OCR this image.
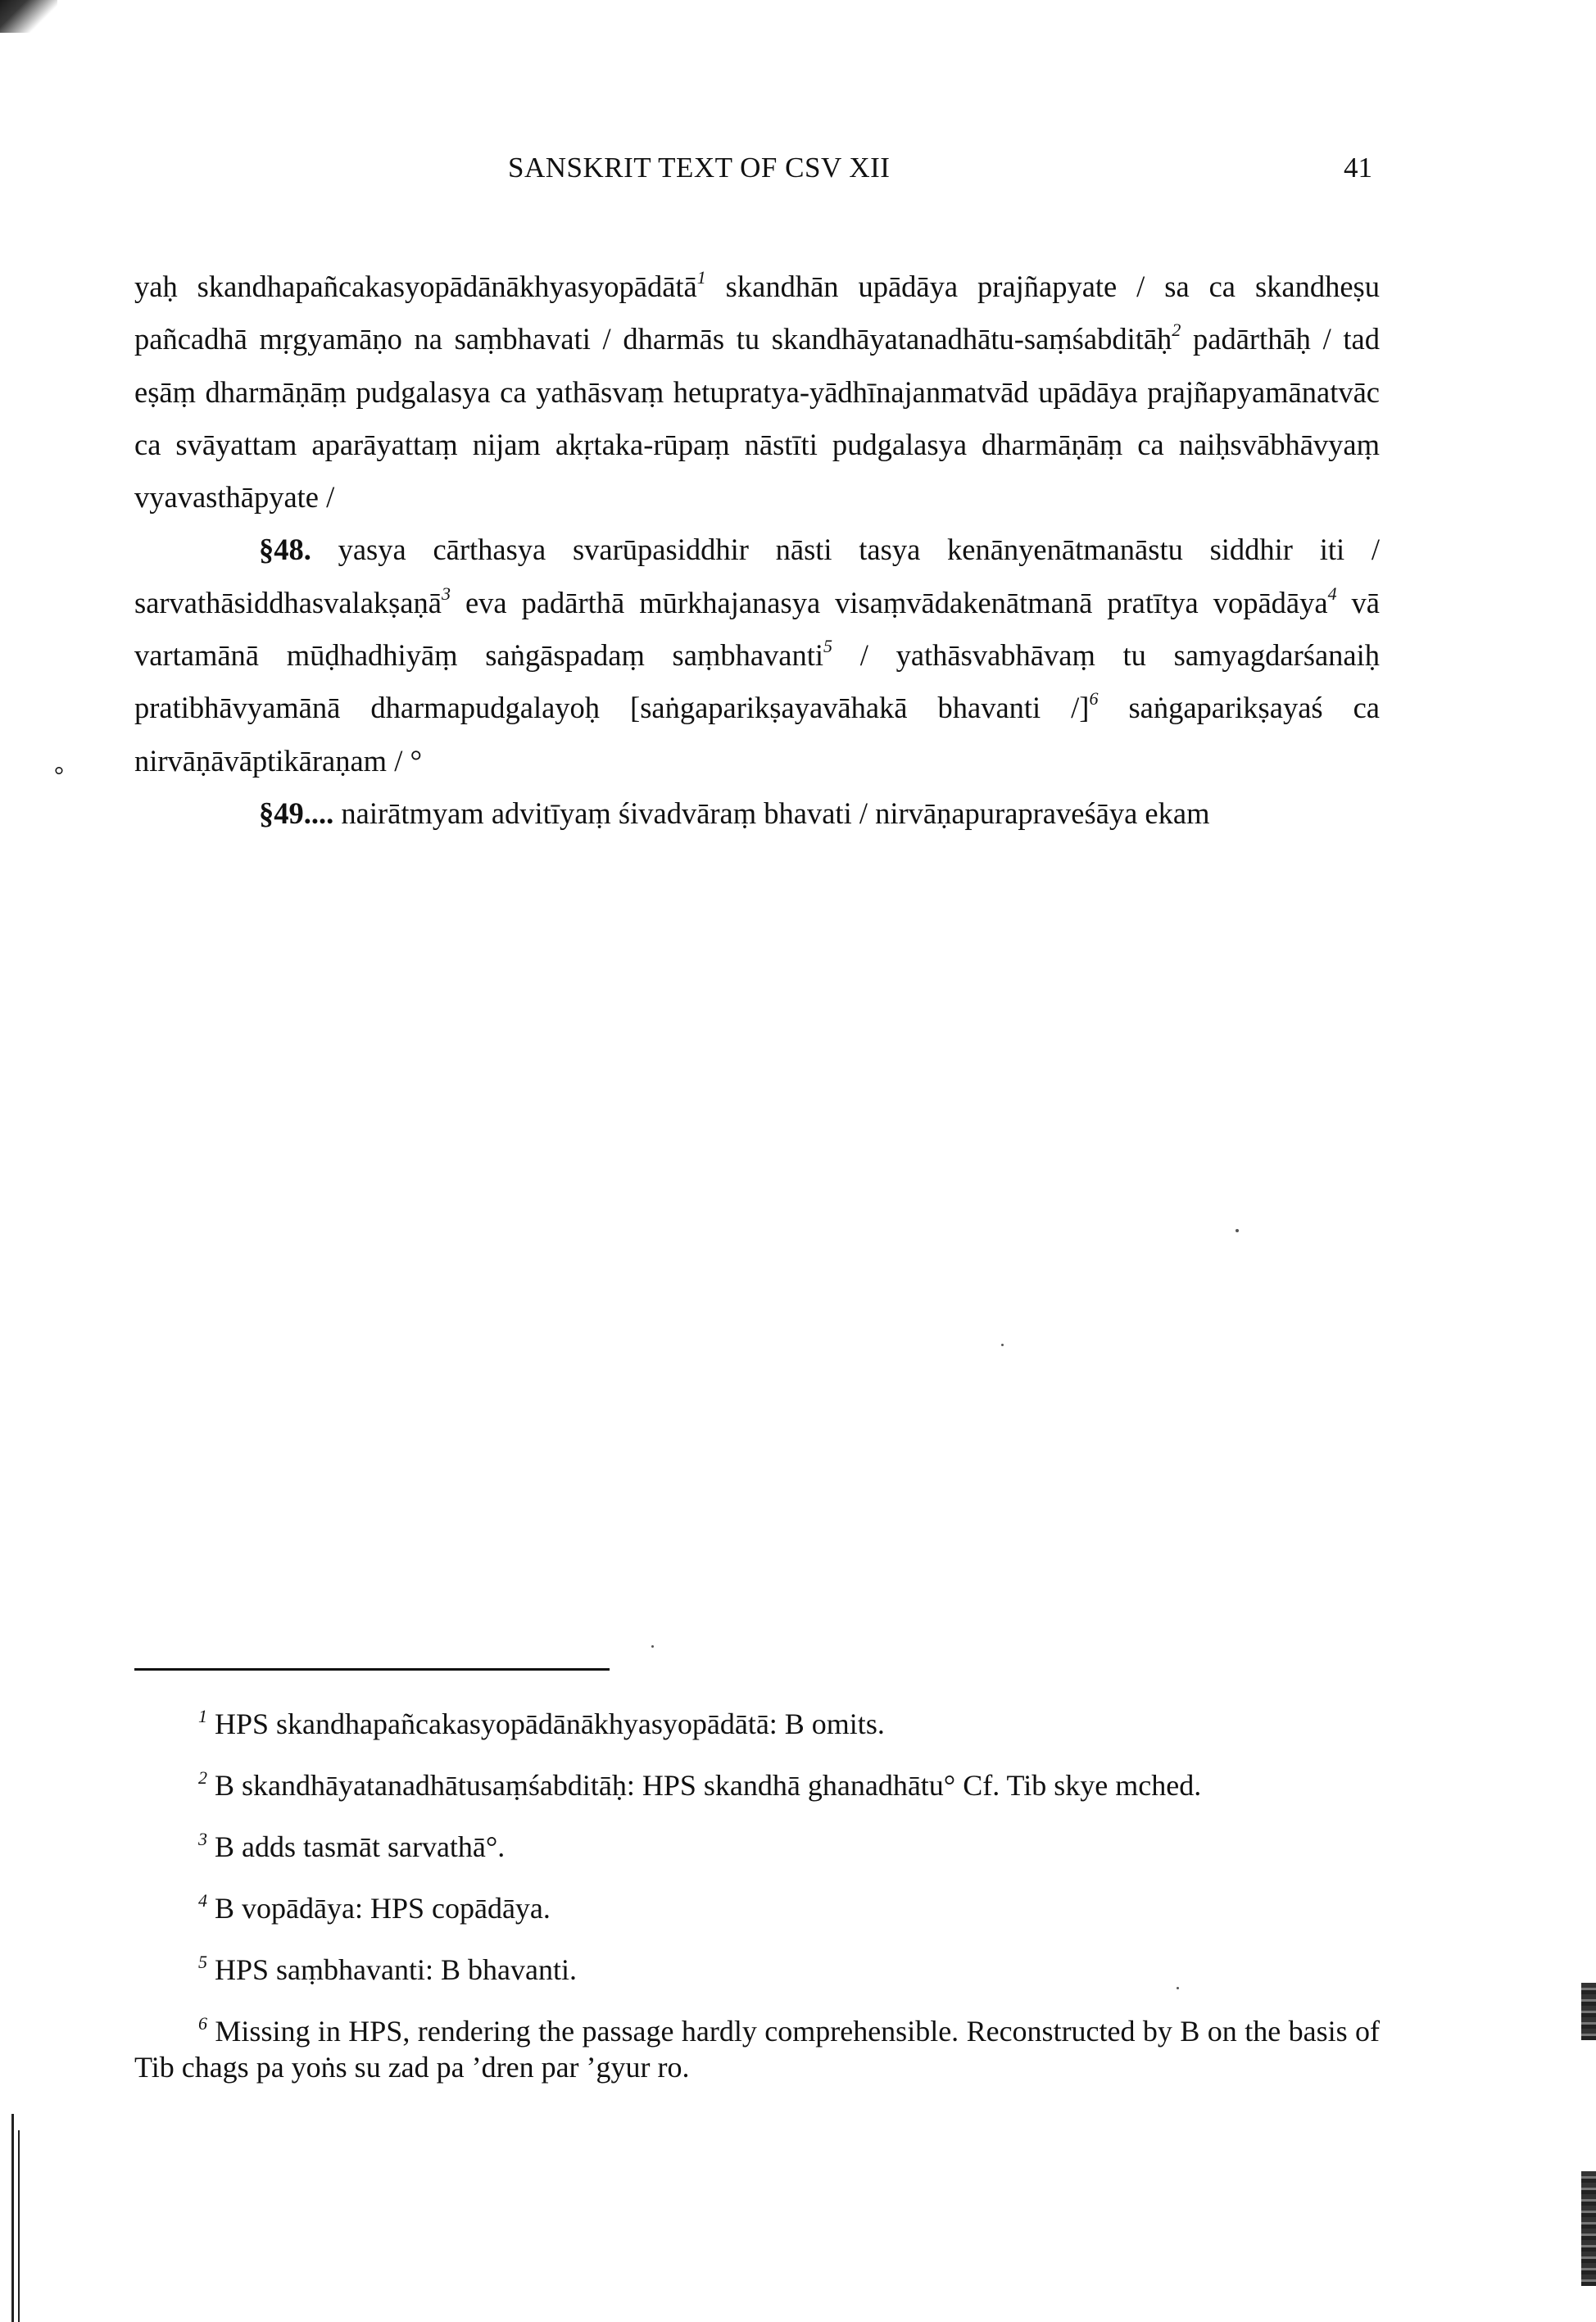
SANSKRIT TEXT OF CSV XII	41
°

yaḥ skandhapañcakasyopādānākhyasyopādātā$^1$ skandhān upādāya prajñapyate / sa ca skandheṣu pañcadhā mṛgyamāṇo na saṃbhavati / dharmās tu skandhāyatanadhātu-saṃśabditāḥ$^2$ padārthāḥ / tad eṣāṃ dharmāṇāṃ pudgalasya ca yathāsvaṃ hetupratya-yādhīnajanmatvād upādāya prajñapyamānatvāc ca svāyattam aparāyattaṃ nijam akṛtaka-rūpaṃ nāstīti pudgalasya dharmāṇāṃ ca naiḥsvābhāvyaṃ vyavasthāpyate /

§48. yasya cārthasya svarūpasiddhir nāsti tasya kenānyenātmanāstu siddhir iti / sarvathāsiddhasvalakṣaṇā$^3$ eva padārthā mūrkhajanasya visaṃvādakenātmanā pratītya vopādāya$^4$ vā vartamānā mūḍhadhiyāṃ saṅgāspadaṃ saṃbhavanti$^5$ / yathāsvabhāvaṃ tu samyagdarśanaiḥ pratibhāvyamānā dharmapudgalayoḥ [saṅgaparikṣayavāhakā bhavanti /]$^6$ saṅgaparikṣayaś ca nirvāṇāvāptikāraṇam / °

§49.... nairātmyam advitīyaṃ śivadvāraṃ bhavati / nirvāṇapurapraveśāya ekam

$^1$ HPS skandhapañcakasyopādānākhyasyopādātā: B omits.

$^2$ B skandhāyatanadhātusaṃśabditāḥ: HPS skandhā ghanadhātu° Cf. Tib skye mched.

$^3$ B adds tasmāt sarvathā°.

$^4$ B vopādāya: HPS copādāya.

$^5$ HPS saṃbhavanti: B bhavanti.

$^6$ Missing in HPS, rendering the passage hardly comprehensible. Reconstructed by B on the basis of Tib chags pa yoṅs su zad pa ’dren par ’gyur ro.
